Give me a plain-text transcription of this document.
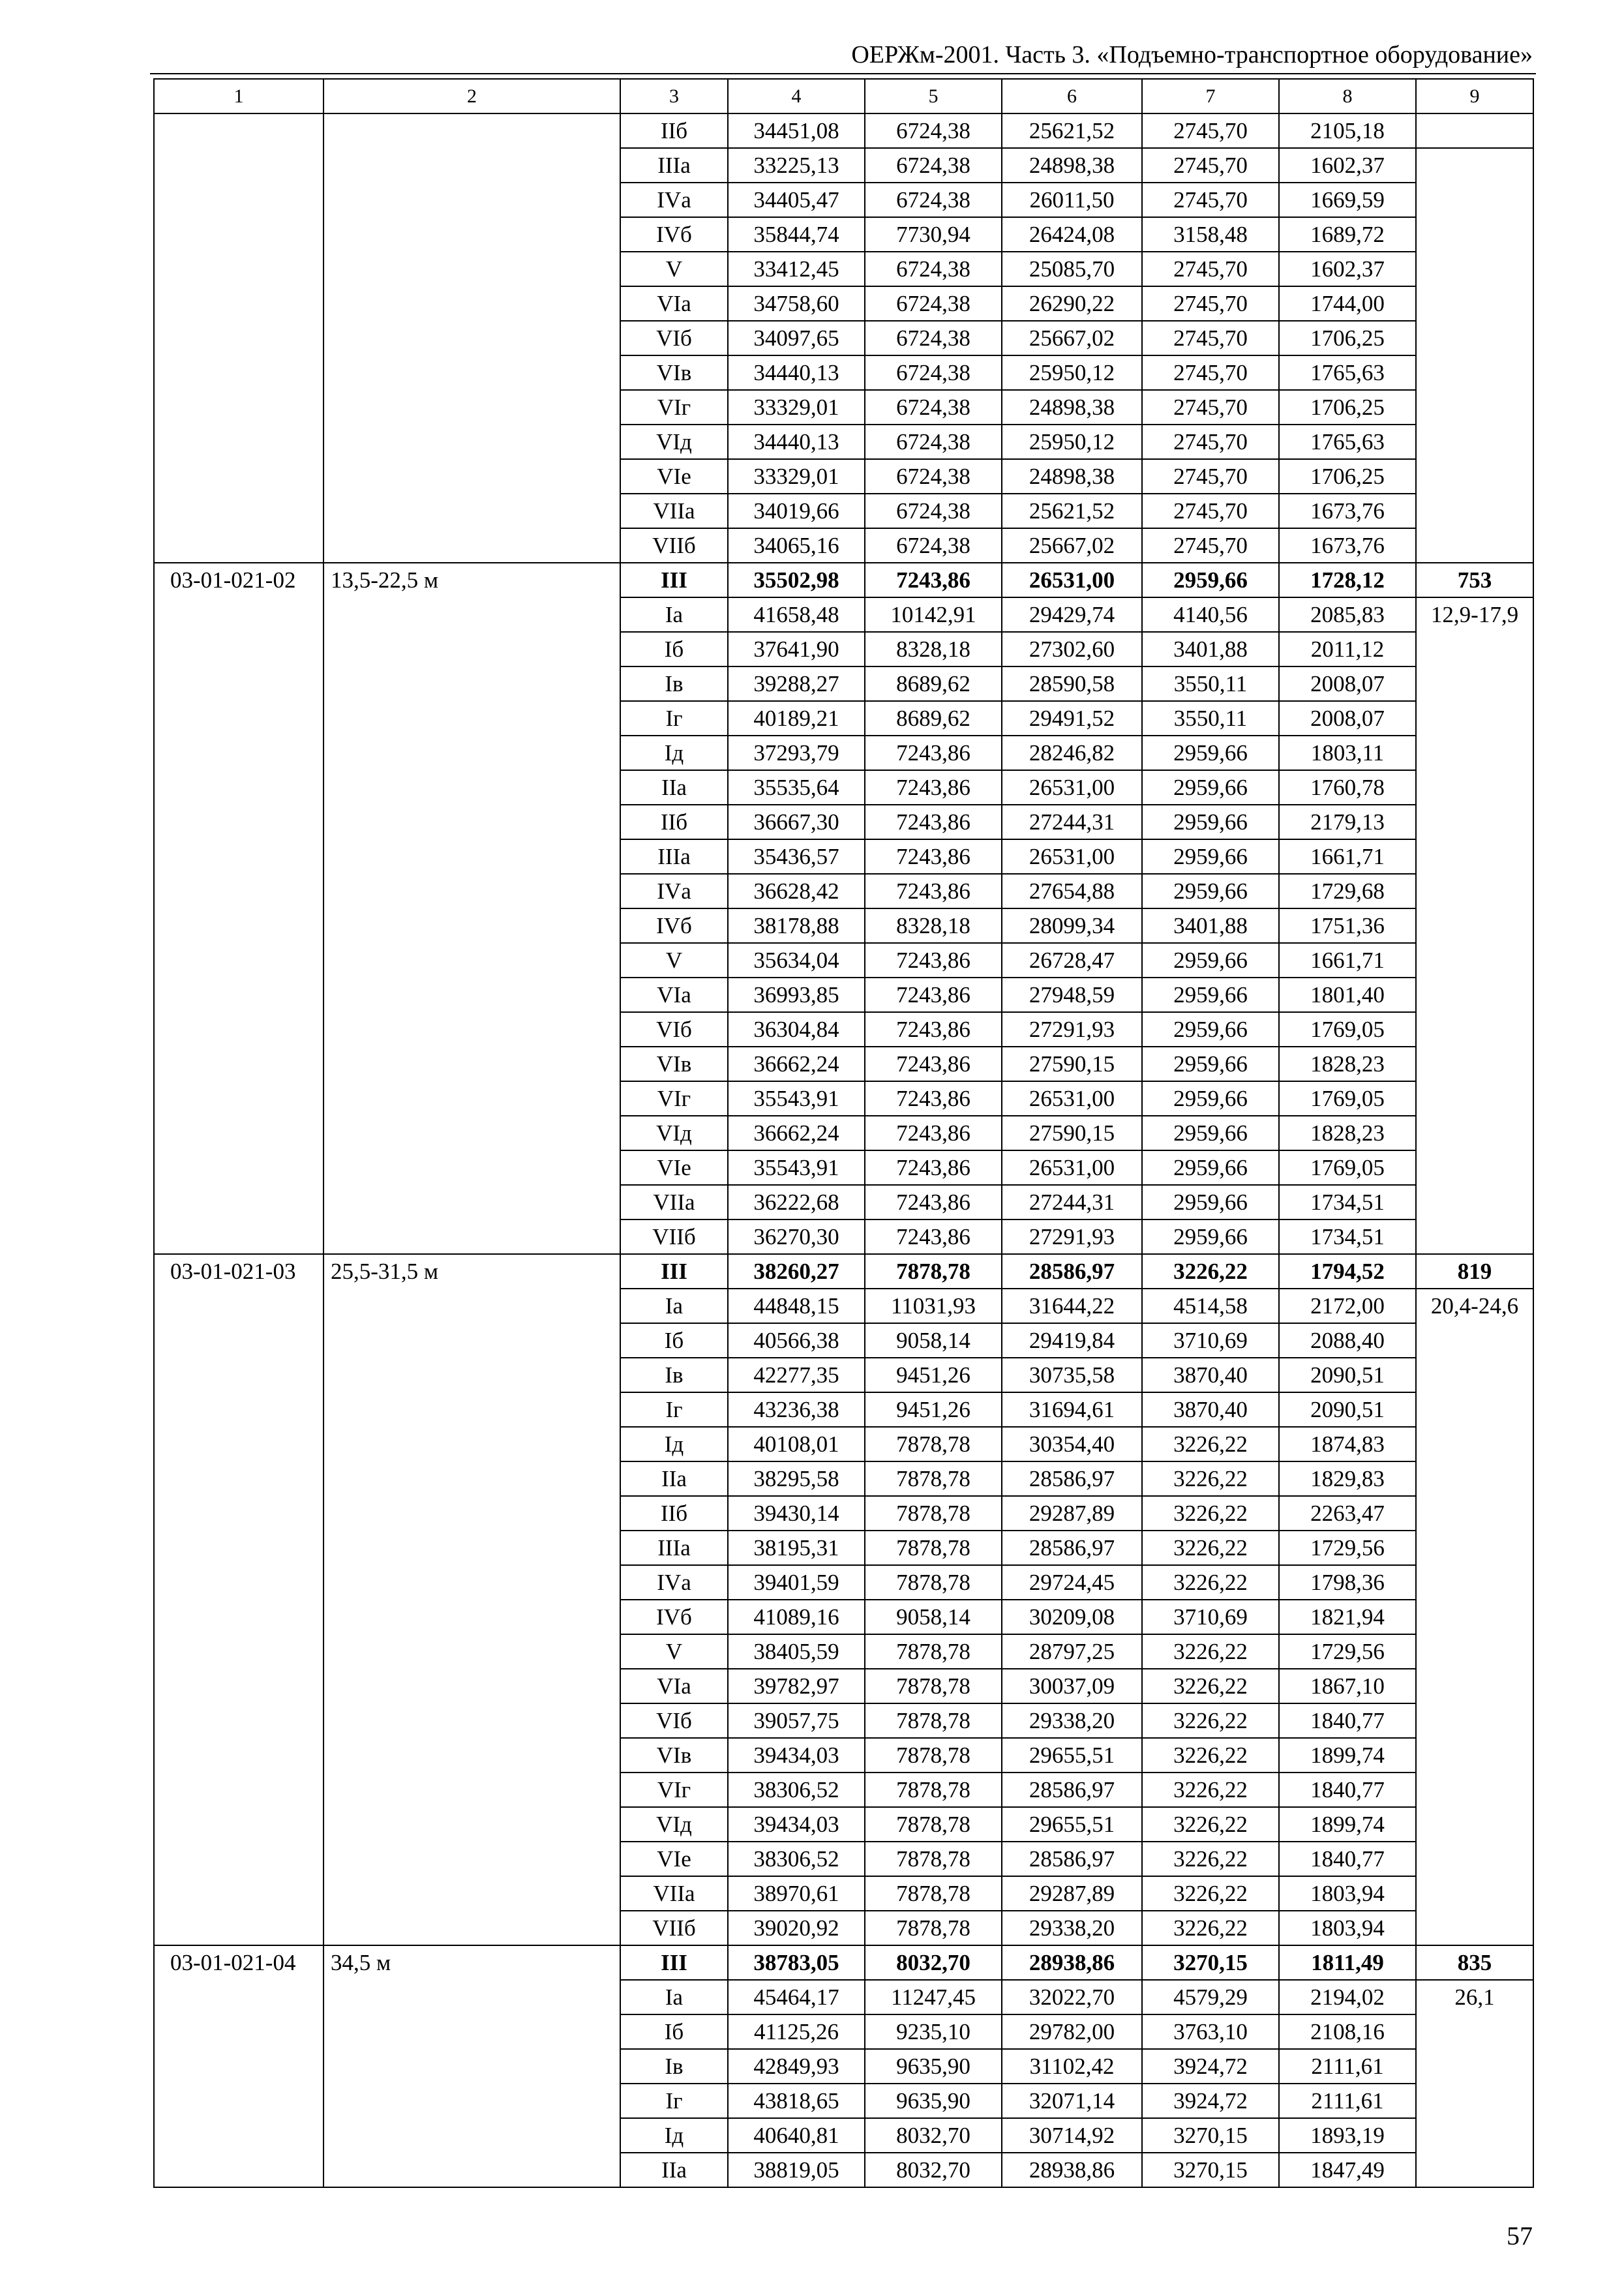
ОЕРЖм-2001. Часть 3. «Подъемно-транспортное оборудование»
1	2	3	4	5	6	7	8	9
		IIб	34451,08	6724,38	25621,52	2745,70	2105,18	
		IIIа	33225,13	6724,38	24898,38	2745,70	1602,37	
		IVа	34405,47	6724,38	26011,50	2745,70	1669,59	
		IVб	35844,74	7730,94	26424,08	3158,48	1689,72	
		V	33412,45	6724,38	25085,70	2745,70	1602,37	
		VIа	34758,60	6724,38	26290,22	2745,70	1744,00	
		VIб	34097,65	6724,38	25667,02	2745,70	1706,25	
		VIв	34440,13	6724,38	25950,12	2745,70	1765,63	
		VIг	33329,01	6724,38	24898,38	2745,70	1706,25	
		VIд	34440,13	6724,38	25950,12	2745,70	1765,63	
		VIе	33329,01	6724,38	24898,38	2745,70	1706,25	
		VIIа	34019,66	6724,38	25621,52	2745,70	1673,76	
		VIIб	34065,16	6724,38	25667,02	2745,70	1673,76	
03-01-021-02	13,5-22,5 м	III	35502,98	7243,86	26531,00	2959,66	1728,12	753
		Iа	41658,48	10142,91	29429,74	4140,56	2085,83	12,9-17,9
		Iб	37641,90	8328,18	27302,60	3401,88	2011,12	
		Iв	39288,27	8689,62	28590,58	3550,11	2008,07	
		Iг	40189,21	8689,62	29491,52	3550,11	2008,07	
		Iд	37293,79	7243,86	28246,82	2959,66	1803,11	
		IIа	35535,64	7243,86	26531,00	2959,66	1760,78	
		IIб	36667,30	7243,86	27244,31	2959,66	2179,13	
		IIIа	35436,57	7243,86	26531,00	2959,66	1661,71	
		IVа	36628,42	7243,86	27654,88	2959,66	1729,68	
		IVб	38178,88	8328,18	28099,34	3401,88	1751,36	
		V	35634,04	7243,86	26728,47	2959,66	1661,71	
		VIа	36993,85	7243,86	27948,59	2959,66	1801,40	
		VIб	36304,84	7243,86	27291,93	2959,66	1769,05	
		VIв	36662,24	7243,86	27590,15	2959,66	1828,23	
		VIг	35543,91	7243,86	26531,00	2959,66	1769,05	
		VIд	36662,24	7243,86	27590,15	2959,66	1828,23	
		VIе	35543,91	7243,86	26531,00	2959,66	1769,05	
		VIIа	36222,68	7243,86	27244,31	2959,66	1734,51	
		VIIб	36270,30	7243,86	27291,93	2959,66	1734,51	
03-01-021-03	25,5-31,5 м	III	38260,27	7878,78	28586,97	3226,22	1794,52	819
		Iа	44848,15	11031,93	31644,22	4514,58	2172,00	20,4-24,6
		Iб	40566,38	9058,14	29419,84	3710,69	2088,40	
		Iв	42277,35	9451,26	30735,58	3870,40	2090,51	
		Iг	43236,38	9451,26	31694,61	3870,40	2090,51	
		Iд	40108,01	7878,78	30354,40	3226,22	1874,83	
		IIа	38295,58	7878,78	28586,97	3226,22	1829,83	
		IIб	39430,14	7878,78	29287,89	3226,22	2263,47	
		IIIа	38195,31	7878,78	28586,97	3226,22	1729,56	
		IVа	39401,59	7878,78	29724,45	3226,22	1798,36	
		IVб	41089,16	9058,14	30209,08	3710,69	1821,94	
		V	38405,59	7878,78	28797,25	3226,22	1729,56	
		VIа	39782,97	7878,78	30037,09	3226,22	1867,10	
		VIб	39057,75	7878,78	29338,20	3226,22	1840,77	
		VIв	39434,03	7878,78	29655,51	3226,22	1899,74	
		VIг	38306,52	7878,78	28586,97	3226,22	1840,77	
		VIд	39434,03	7878,78	29655,51	3226,22	1899,74	
		VIе	38306,52	7878,78	28586,97	3226,22	1840,77	
		VIIа	38970,61	7878,78	29287,89	3226,22	1803,94	
		VIIб	39020,92	7878,78	29338,20	3226,22	1803,94	
03-01-021-04	34,5 м	III	38783,05	8032,70	28938,86	3270,15	1811,49	835
		Iа	45464,17	11247,45	32022,70	4579,29	2194,02	26,1
		Iб	41125,26	9235,10	29782,00	3763,10	2108,16	
		Iв	42849,93	9635,90	31102,42	3924,72	2111,61	
		Iг	43818,65	9635,90	32071,14	3924,72	2111,61	
		Iд	40640,81	8032,70	30714,92	3270,15	1893,19	
		IIа	38819,05	8032,70	28938,86	3270,15	1847,49	
57
